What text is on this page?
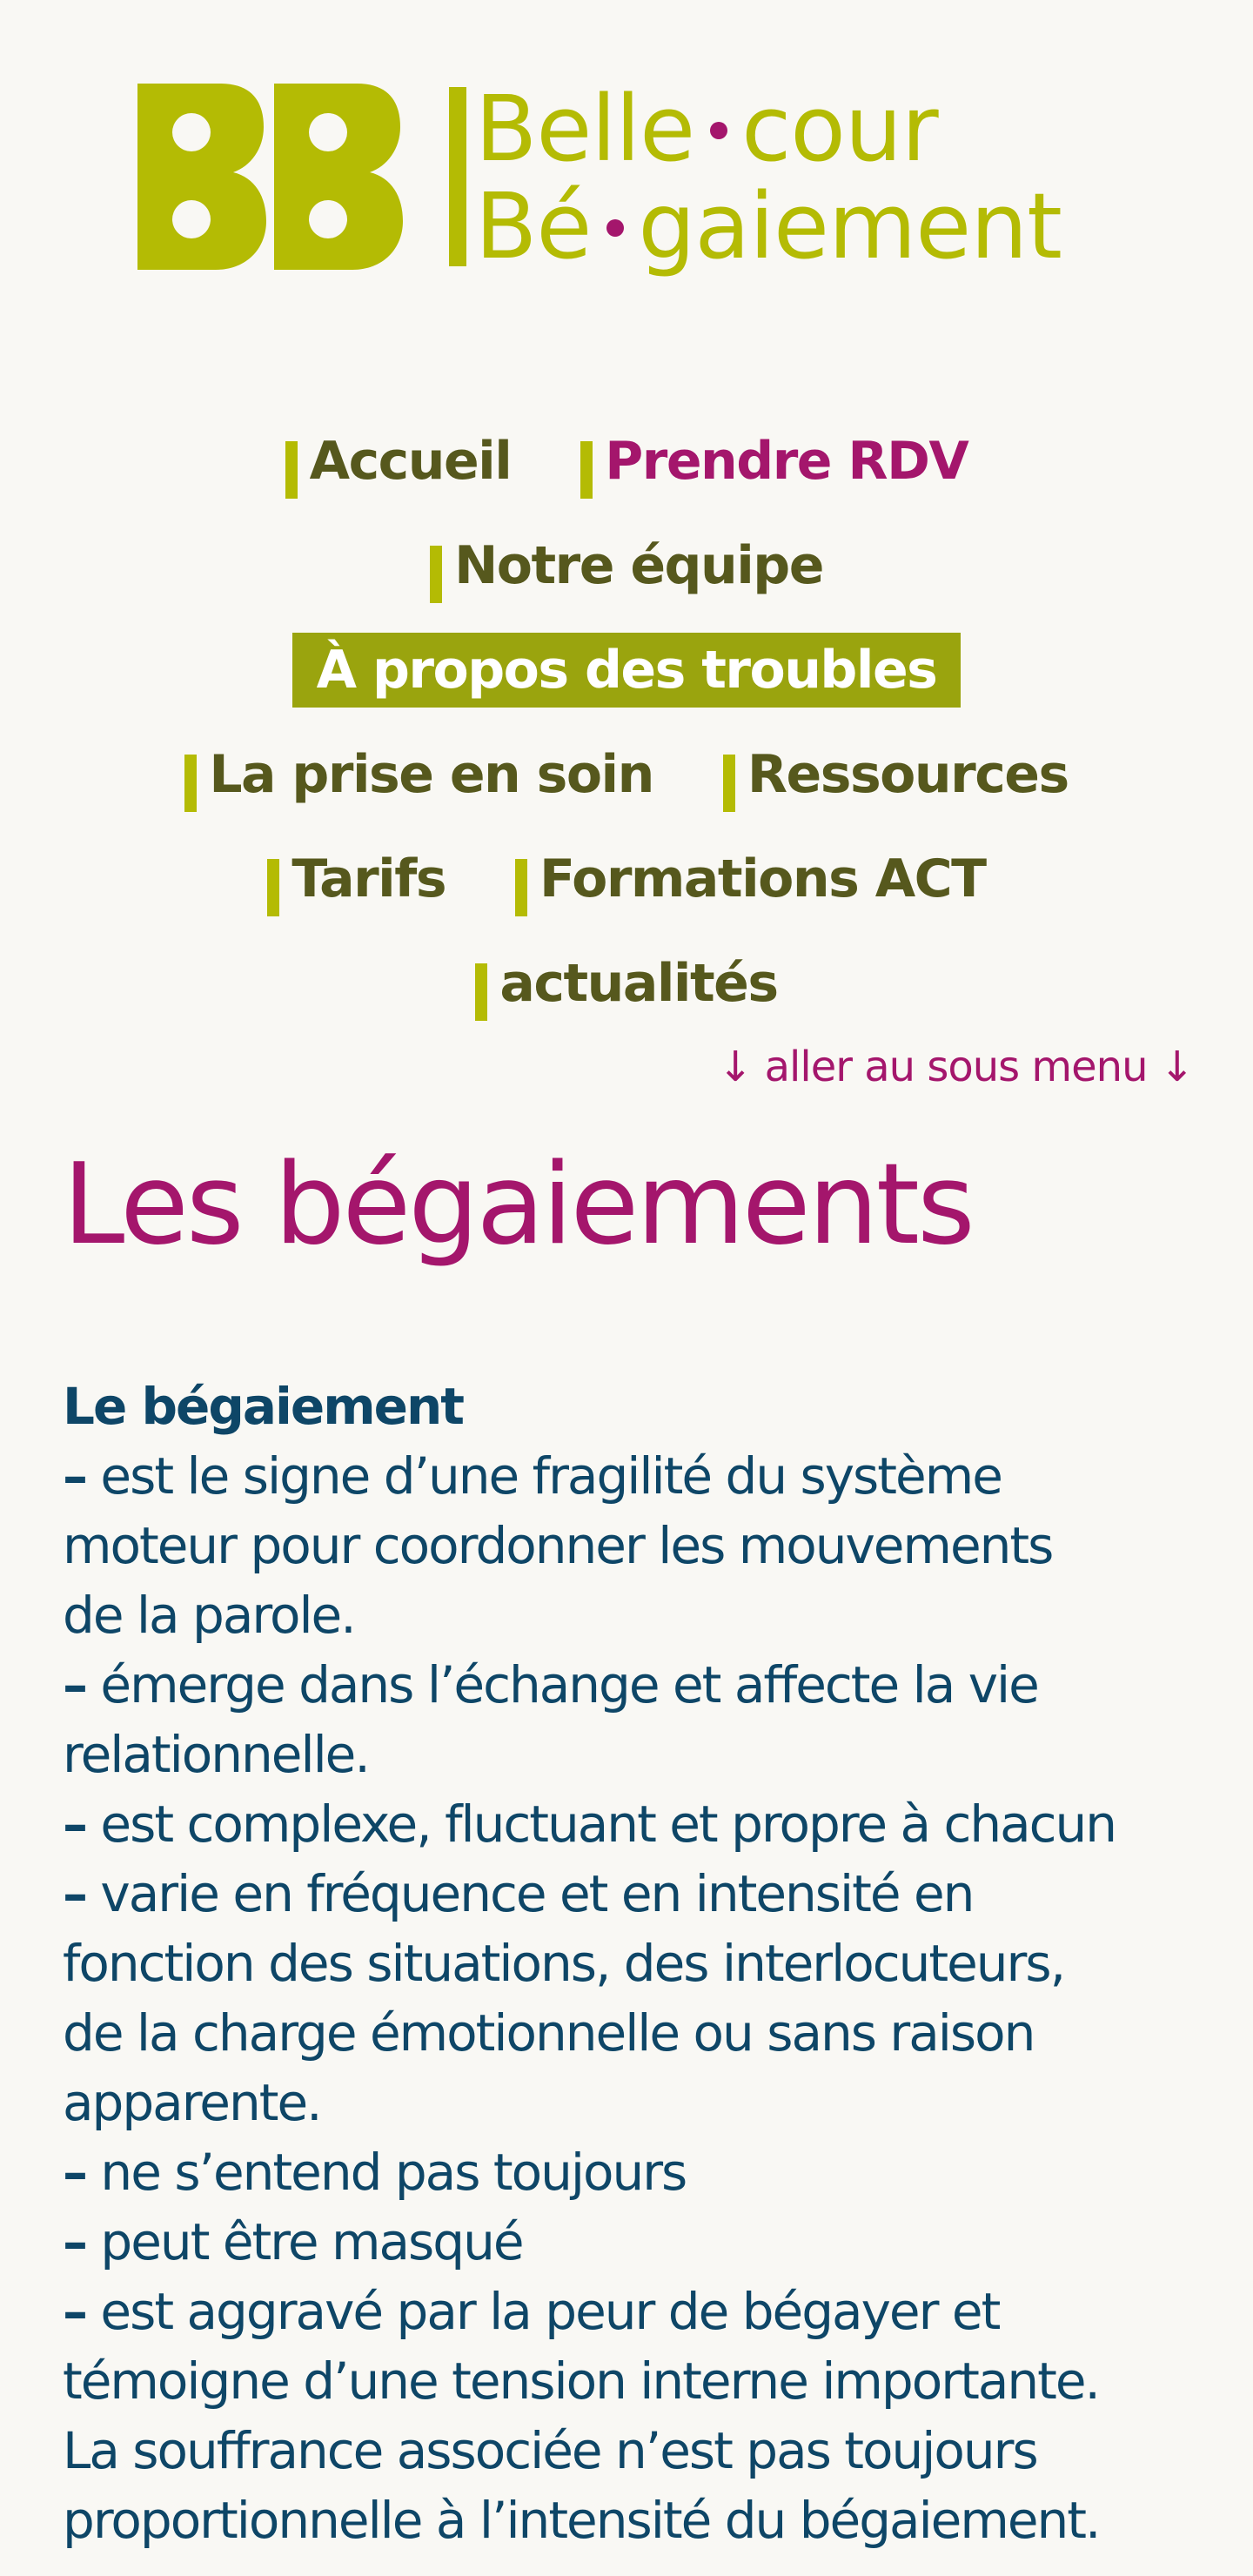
Belle cour
Bé gaiement
Accueil	Prendre RDV
Notre équipe
À propos des troubles
La prise en soin	Ressources
Tarifs	Formations ACT
actualités
↓ aller au sous menu ↓
Les bégaiements
Le bégaiement
– est le signe d’une fragilité du système
moteur pour coordonner les mouvements
de la parole.
– émerge dans l’échange et affecte la vie
relationnelle.
– est complexe, fluctuant et propre à chacun
– varie en fréquence et en intensité en
fonction des situations, des interlocuteurs,
de la charge émotionnelle ou sans raison
apparente.
– ne s’entend pas toujours
– peut être masqué
– est aggravé par la peur de bégayer et
témoigne d’une tension interne importante.
La souffrance associée n’est pas toujours
proportionnelle à l’intensité du bégaiement.
